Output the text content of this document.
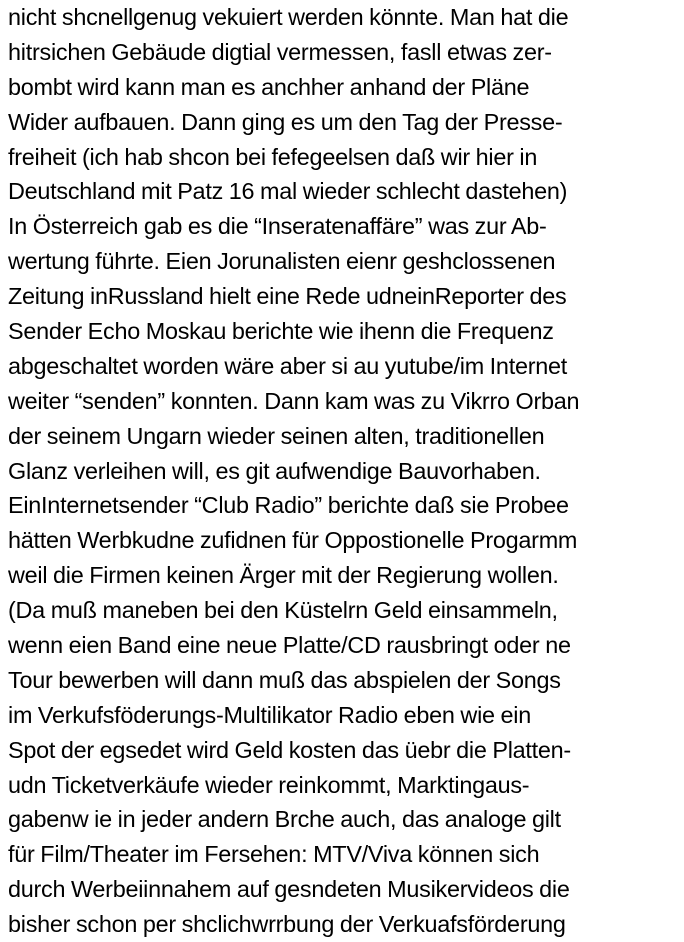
nicht shcnellgenug vekuiert werden könnte. Man hat die
hitrsichen Gebäude digtial vermessen, fasll etwas zer-
bombt wird kann man es anchher anhand der Pläne
Wider aufbauen. Dann ging es um den Tag der Presse-
freiheit (ich hab shcon bei fefegeelsen daß wir hier in
Deutschland mit Patz 16 mal wieder schlecht dastehen)
In Österreich gab es die “Inseratenaffäre” was zur Ab-
wertung führte. Eien Jorunalisten eienr geshclossenen
Zeitung inRussland hielt eine Rede udneinReporter des
Sender Echo Moskau berichte wie ihenn die Frequenz
abgeschaltet worden wäre aber si au yutube/im Internet
weiter “senden” konnten. Dann kam was zu Vikrro Orban
der seinem Ungarn wieder seinen alten, traditionellen
Glanz verleihen will, es git aufwendige Bauvorhaben.
EinInternetsender “Club Radio” berichte daß sie Probee
hätten Werbkudne zufidnen für Oppostionelle Progarmm
weil die Firmen keinen Ärger mit der Regierung wollen.
(Da muß maneben bei den Küstelrn Geld einsammeln,
wenn eien Band eine neue Platte/CD rausbringt oder ne
Tour bewerben will dann muß das abspielen der Songs
im Verkufsföderungs-Multilikator Radio eben wie ein
Spot der egsedet wird Geld kosten das üebr die Platten-
udn Ticketverkäufe wieder reinkommt, Marktingaus-
gabenw ie in jeder andern Brche auch, das analoge gilt
für Film/Theater im Fersehen: MTV/Viva können sich
durch Werbeiinnahem auf gesndeten Musikervideos die
bisher schon per shclichwrrbung der Verkuafsförderung
